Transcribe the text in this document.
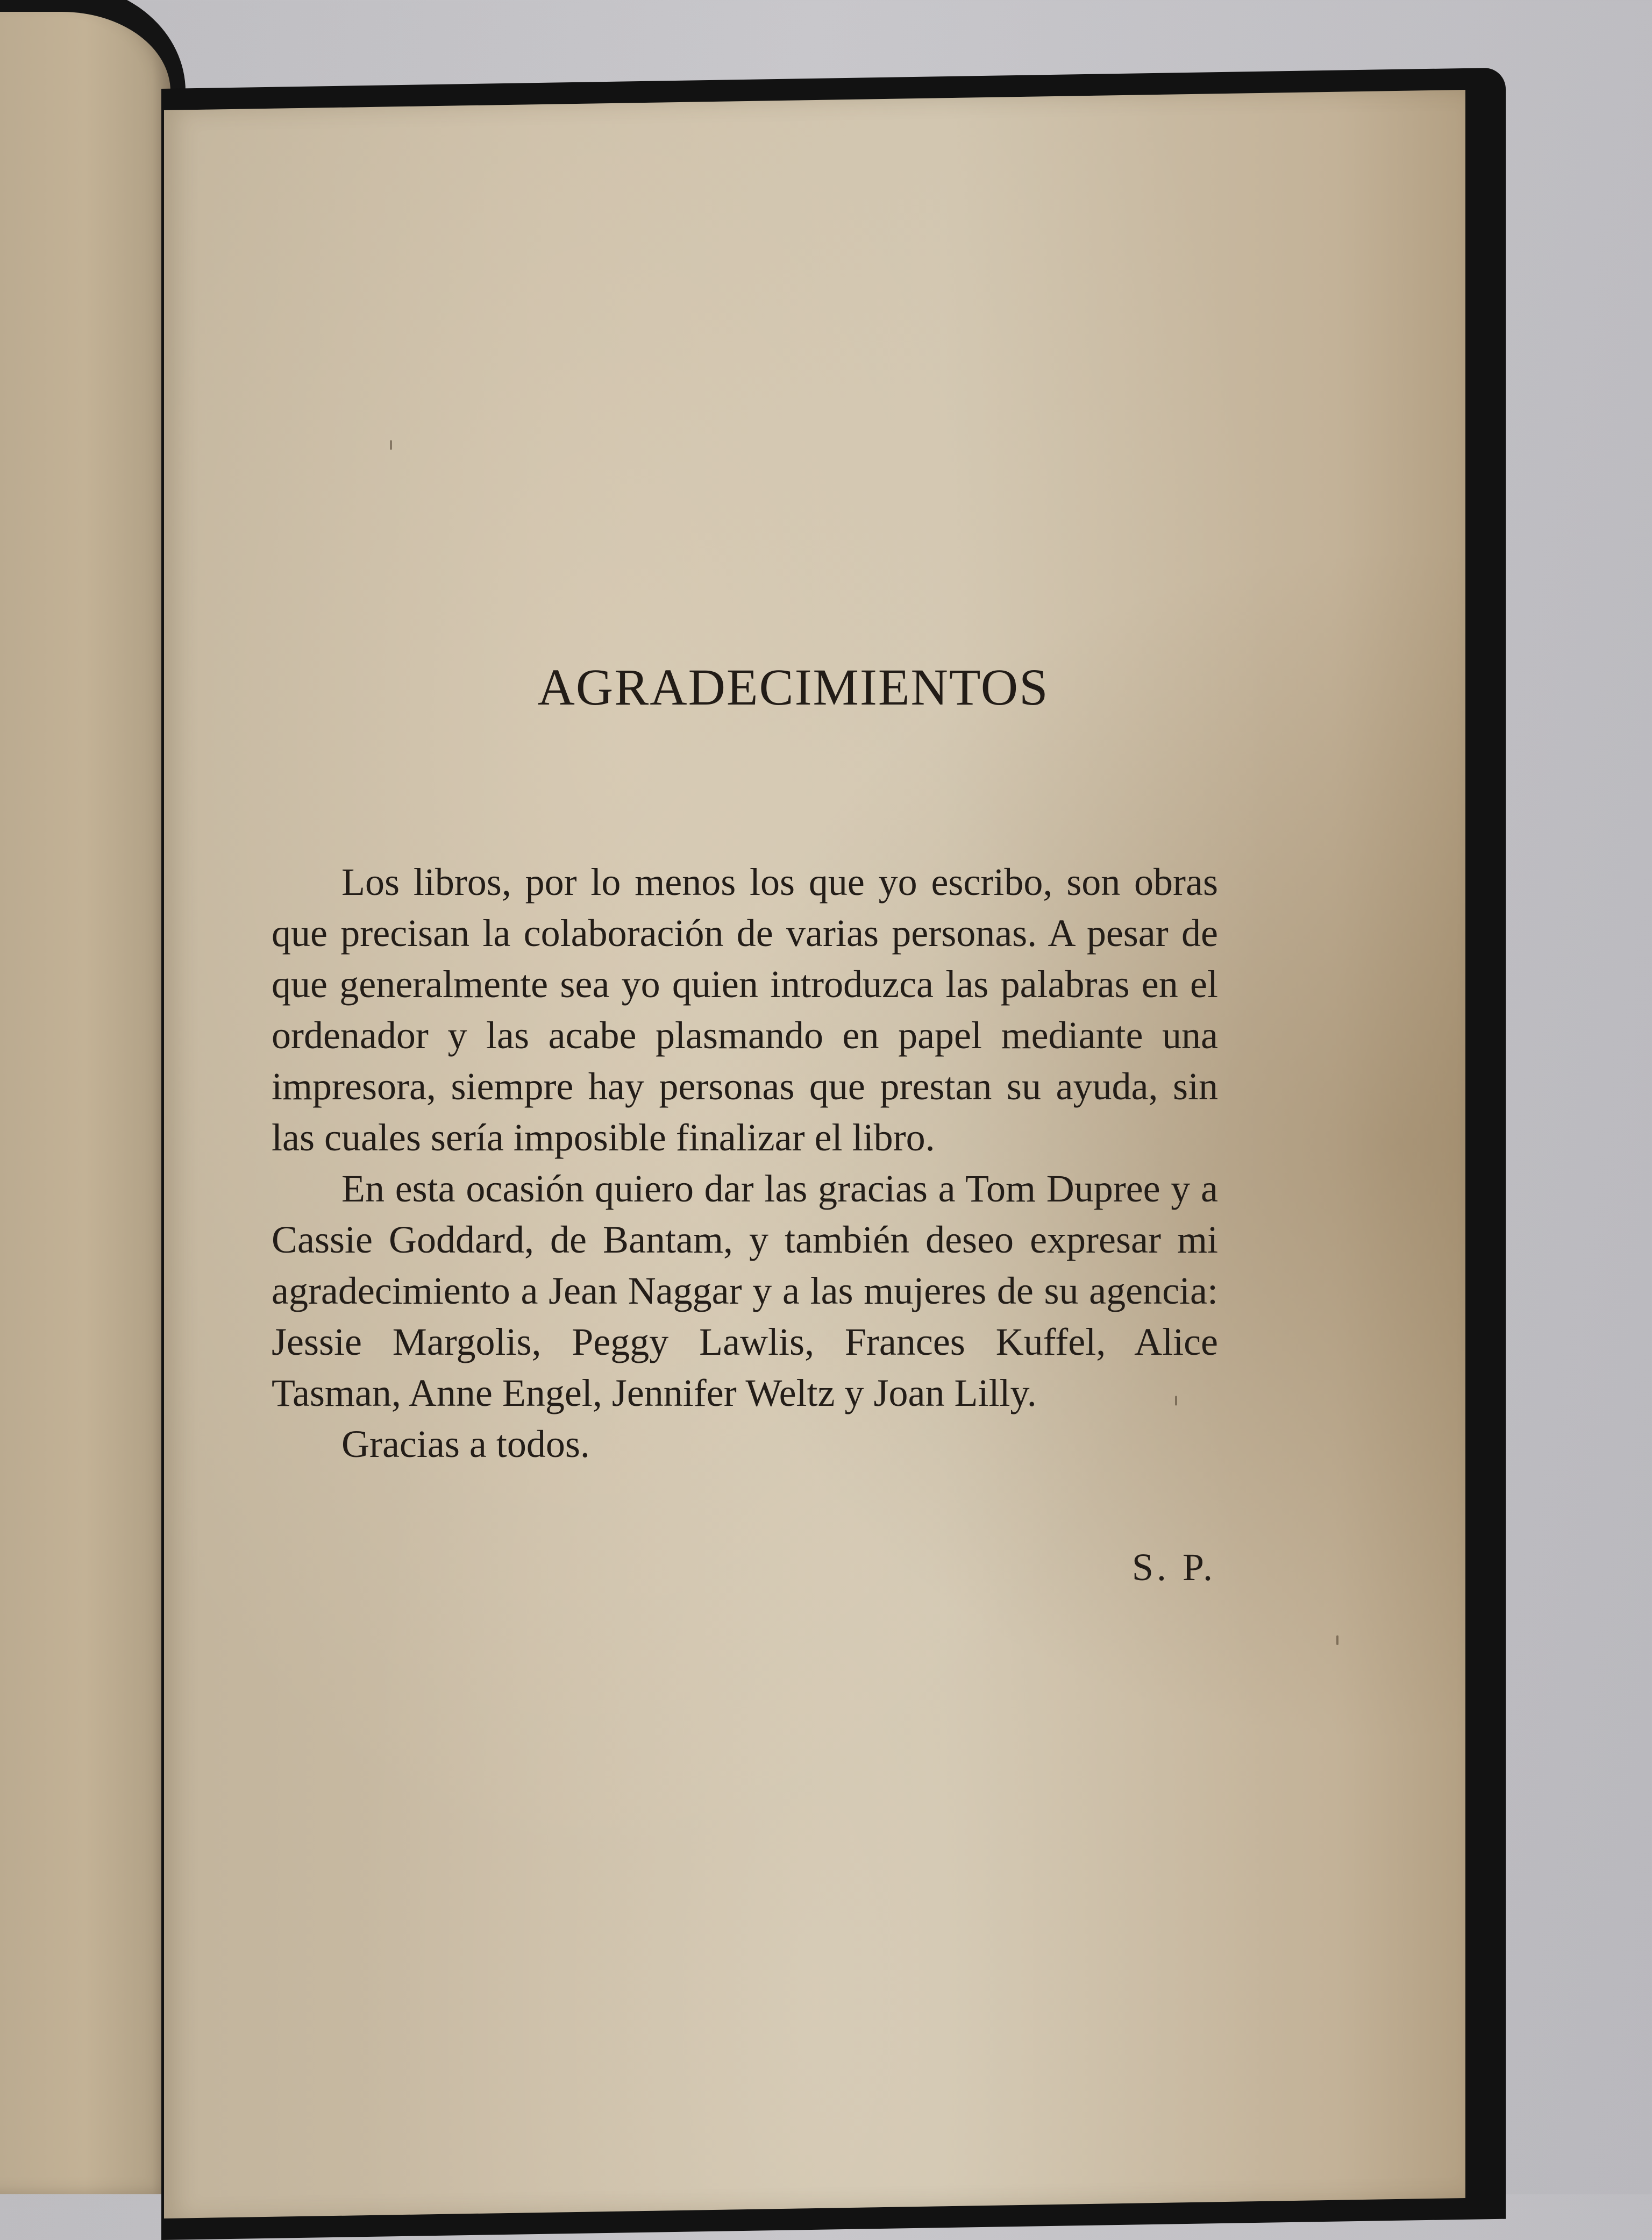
AGRADECIMIENTOS

Los libros, por lo menos los que yo escribo, son obras que precisan la colaboración de varias personas. A pesar de que generalmente sea yo quien introduzca las palabras en el ordenador y las acabe plasmando en papel mediante una impresora, siempre hay personas que prestan su ayuda, sin las cuales sería imposible finalizar el libro.

En esta ocasión quiero dar las gracias a Tom Dupree y a Cassie Goddard, de Bantam, y también deseo expresar mi agradecimiento a Jean Naggar y a las mujeres de su agencia: Jessie Margolis, Peggy Lawlis, Frances Kuffel, Alice Tasman, Anne Engel, Jennifer Weltz y Joan Lilly.

Gracias a todos.

S. P.
